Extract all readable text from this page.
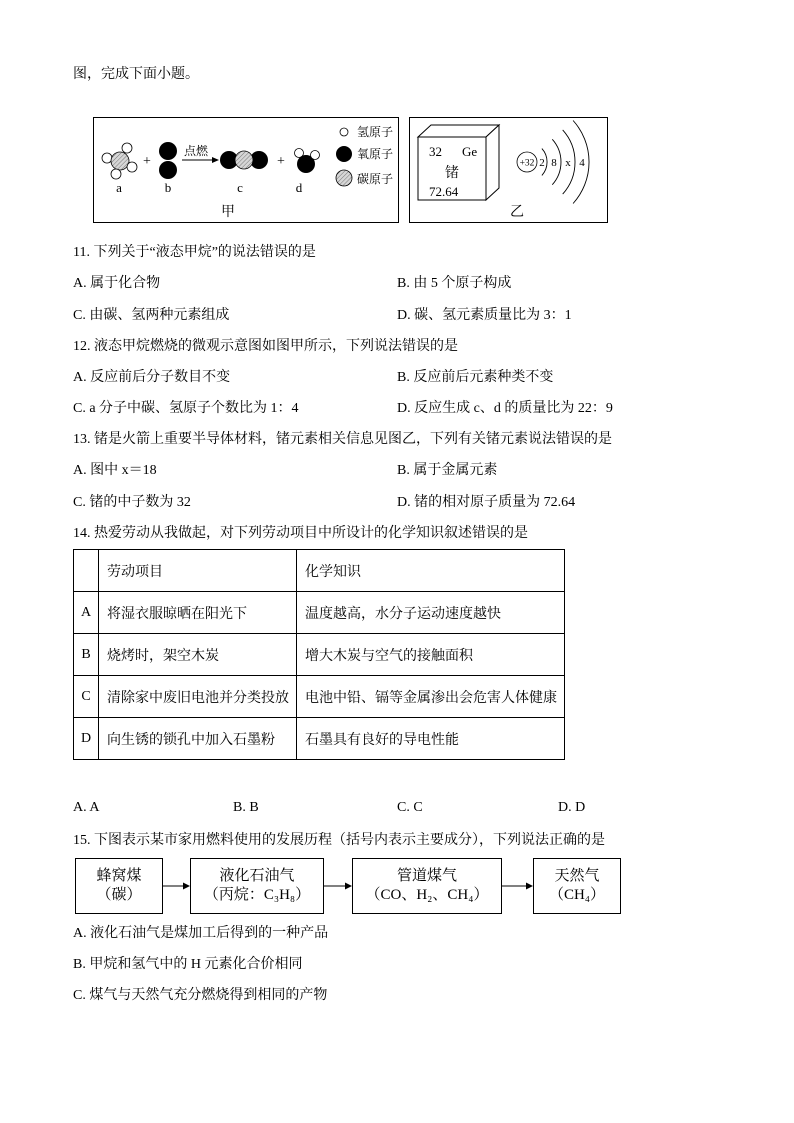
图，完成下面小题。
+
点燃
+
a	b	c	d
氢原子
氧原子
碳原子
甲
32 Ge
锗
72.64
+32 2 8 x 4
乙
11. 下列关于“液态甲烷”的说法错误的是
A. 属于化合物	B. 由 5 个原子构成
C. 由碳、氢两种元素组成	D. 碳、氢元素质量比为 3：1
12. 液态甲烷燃烧的微观示意图如图甲所示，下列说法错误的是
A. 反应前后分子数目不变	B. 反应前后元素种类不变
C. a 分子中碳、氢原子个数比为 1：4	D. 反应生成 c、d 的质量比为 22：9
13. 锗是火箭上重要半导体材料，锗元素相关信息见图乙，下列有关锗元素说法错误的是
A. 图中 x＝18	B. 属于金属元素
C. 锗的中子数为 32	D. 锗的相对原子质量为 72.64
14. 热爱劳动从我做起，对下列劳动项目中所设计的化学知识叙述错误的是
	劳动项目	化学知识
A	将湿衣服晾晒在阳光下	温度越高，水分子运动速度越快
B	烧烤时，架空木炭	增大木炭与空气的接触面积
C	清除家中废旧电池并分类投放	电池中铅、镉等金属渗出会危害人体健康
D	向生锈的锁孔中加入石墨粉	石墨具有良好的导电性能
A. A	B. B	C. C	D. D
15. 下图表示某市家用燃料使用的发展历程（括号内表示主要成分），下列说法正确的是
蜂窝煤
（碳）
液化石油气
（丙烷：C₃H₈）
管道煤气
（CO、H₂、CH₄）
天然气
（CH₄）
A. 液化石油气是煤加工后得到的一种产品
B. 甲烷和氢气中的 H 元素化合价相同
C. 煤气与天然气充分燃烧得到相同的产物
